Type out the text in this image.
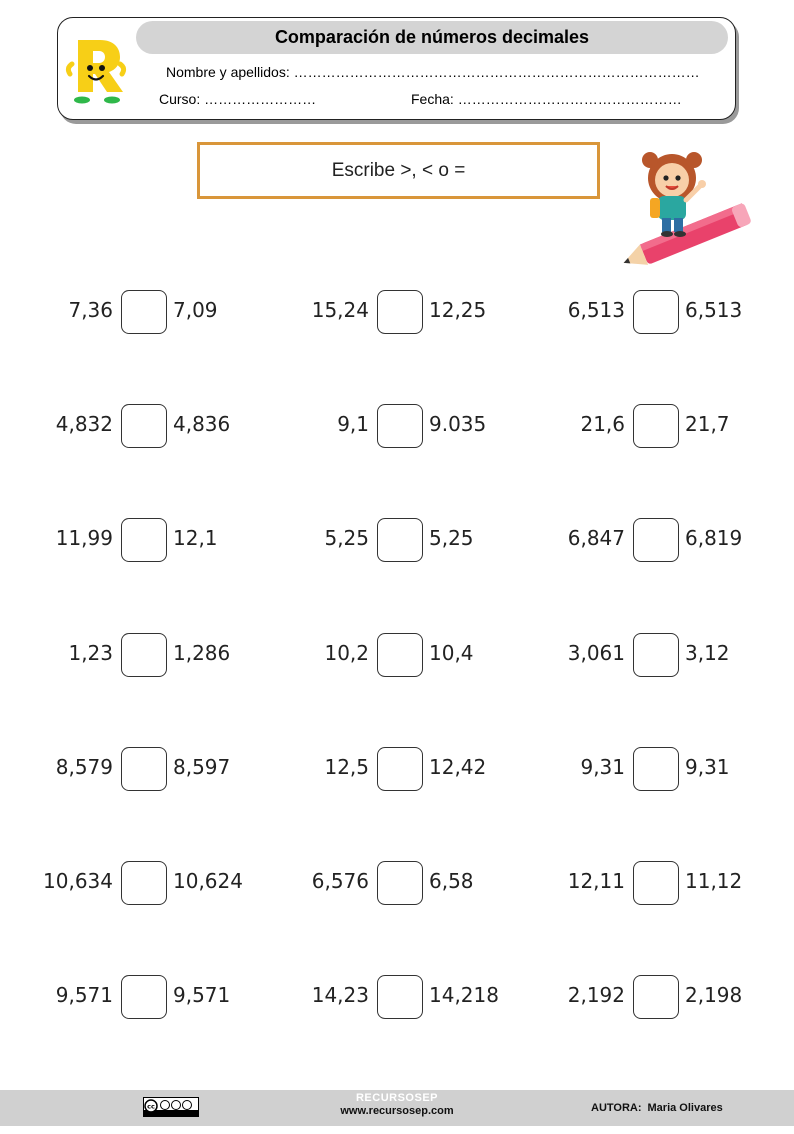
Comparación de números decimales
Nombre y apellidos: ……………………………………………………………………………
Curso: ……………………	Fecha: …………………………………………
Escribe >, < o =
7,36	7,09	15,24	12,25	6,513	6,513
4,832	4,836	9,1	9.035	21,6	21,7
11,99	12,1	5,25	5,25	6,847	6,819
1,23	1,286	10,2	10,4	3,061	3,12
8,579	8,597	12,5	12,42	9,31	9,31
10,634	10,624	6,576	6,58	12,11	11,12
9,571	9,571	14,23	14,218	2,192	2,198
cc
RECURSOSEP
www.recursosep.com	AUTORA: Maria Olivares
